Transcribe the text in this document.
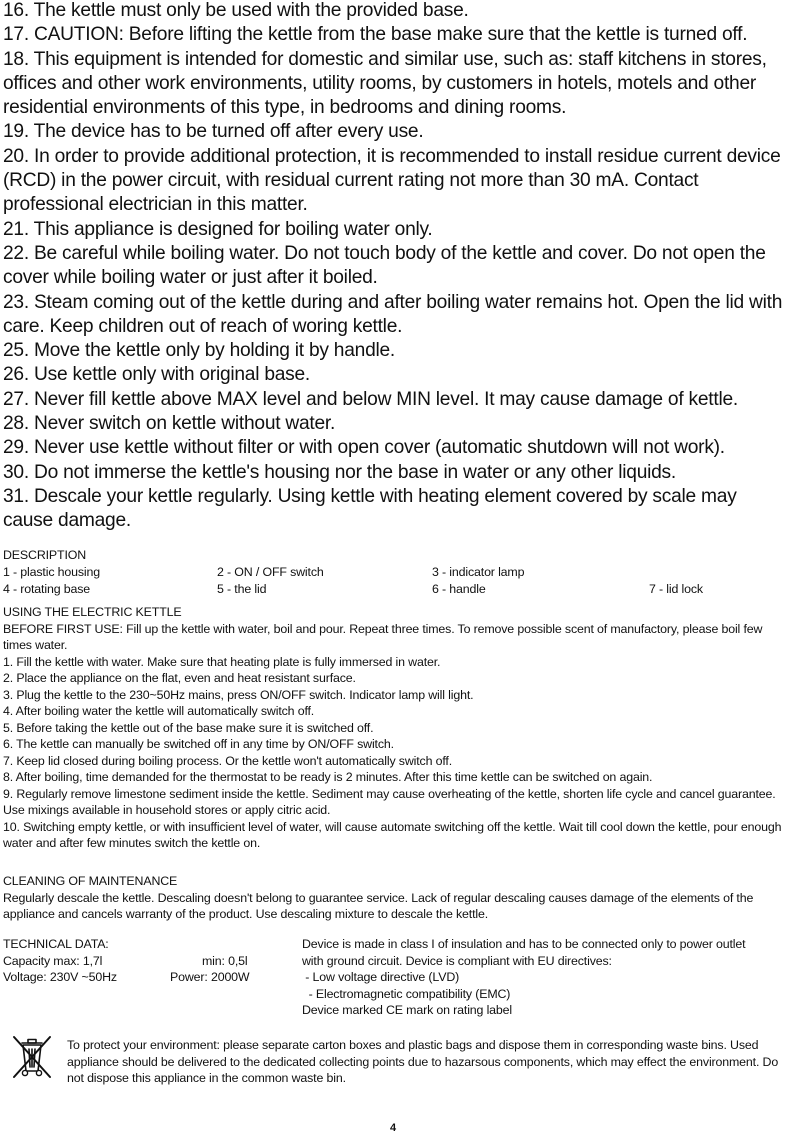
16. The kettle must only be used with the provided base.

17. CAUTION: Before lifting the kettle from the base make sure that the kettle is turned off.

18. This equipment is intended for domestic and similar use, such as: staff kitchens in stores, offices and other work environments, utility rooms, by customers in hotels, motels and other residential environments of this type, in bedrooms and dining rooms.

19. The device has to be turned off after every use.

20. In order to provide additional protection, it is recommended to install residue current device (RCD) in the power circuit, with residual current rating not more than 30 mA. Contact professional electrician in this matter.

21. This appliance is designed for boiling water only.

22. Be careful while boiling water. Do not touch body of the kettle and cover. Do not open the cover while boiling water or just after it boiled.

23. Steam coming out of the kettle during and after boiling water remains hot. Open the lid with care. Keep children out of reach of woring kettle.

25. Move the kettle only by holding it by handle.

26. Use kettle only with original base.

27. Never fill kettle above MAX level and below MIN level. It may cause damage of kettle.

28. Never switch on kettle without water.

29. Never use kettle without filter or with open cover (automatic shutdown will not work).

30. Do not immerse the kettle's housing nor the base in water or any other liquids.

31. Descale your kettle regularly. Using kettle with heating element covered by scale may cause damage.

DESCRIPTION
1 - plastic housing	2 - ON / OFF switch	3 - indicator lamp
4 - rotating base	5 - the lid	6 - handle	7 - lid lock

USING THE ELECTRIC KETTLE

BEFORE FIRST USE: Fill up the kettle with water, boil and pour. Repeat three times. To remove possible scent of manufactory, please boil few times water.

1. Fill the kettle with water. Make sure that heating plate is fully immersed in water.

2. Place the appliance on the flat, even and heat resistant surface.

3. Plug the kettle to the 230~50Hz mains, press ON/OFF switch. Indicator lamp will light.

4. After boiling water the kettle will automatically switch off.

5. Before taking the kettle out of the base make sure it is switched off.

6. The kettle can manually be switched off in any time by ON/OFF switch.

7. Keep lid closed during boiling process. Or the kettle won't automatically switch off.

8. After boiling, time demanded for the thermostat to be ready is 2 minutes. After this time kettle can be switched on again.

9. Regularly remove limestone sediment inside the kettle. Sediment may cause overheating of the kettle, shorten life cycle and cancel guarantee. Use mixings available in household stores or apply citric acid.

10. Switching empty kettle, or with insufficient level of water, will cause automate switching off the kettle. Wait till cool down the kettle, pour enough water and after few minutes switch the kettle on.

CLEANING OF MAINTENANCE

Regularly descale the kettle. Descaling doesn't belong to guarantee service. Lack of regular descaling causes damage of the elements of the appliance and cancels warranty of the product. Use descaling mixture to descale the kettle.

TECHNICAL DATA:
Capacity max: 1,7l	min: 0,5l
Voltage: 230V ~50Hz	Power: 2000W

Device is made in class I of insulation and has to be connected only to power outlet

with ground circuit. Device is compliant with EU directives:

- Low voltage directive (LVD)

- Electromagnetic compatibility (EMC)

Device marked CE mark on rating label

To protect your environment: please separate carton boxes and plastic bags and dispose them in corresponding waste bins. Used appliance should be delivered to the dedicated collecting points due to hazarsous components, which may effect the environment. Do not dispose this appliance in the common waste bin.

4
